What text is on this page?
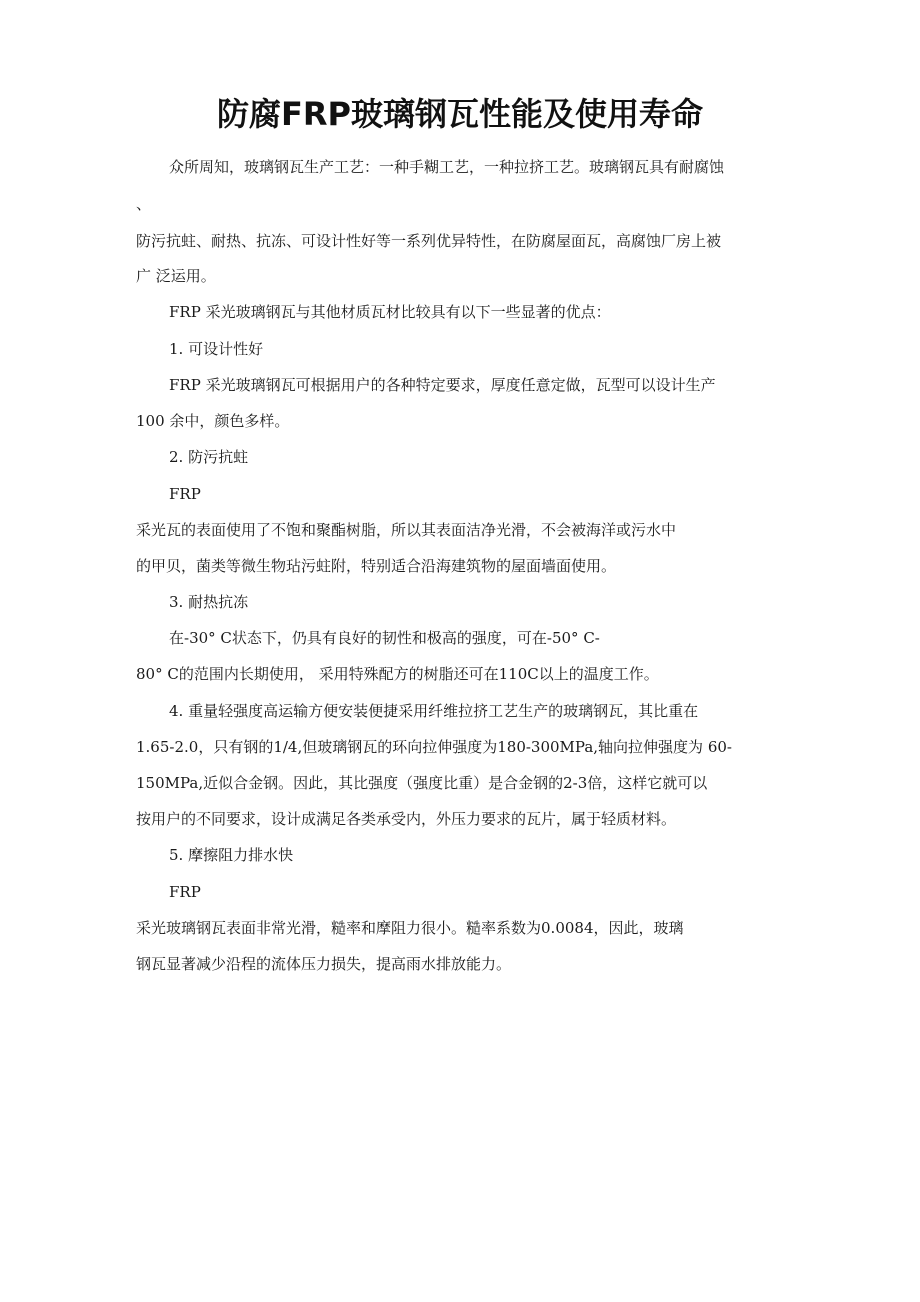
防腐FRP玻璃钢瓦性能及使用寿命

众所周知，玻璃钢瓦生产工艺：一种手糊工艺，一种拉挤工艺。玻璃钢瓦具有耐腐蚀

、

防污抗蛀、耐热、抗冻、可设计性好等一系列优异特性，在防腐屋面瓦，高腐蚀厂房上被

广 泛运用。

FRP 采光玻璃钢瓦与其他材质瓦材比较具有以下一些显著的优点：

1. 可设计性好

FRP 采光玻璃钢瓦可根据用户的各种特定要求，厚度任意定做，瓦型可以设计生产

100 余中，颜色多样。

2. 防污抗蛀

FRP

采光瓦的表面使用了不饱和聚酯树脂，所以其表面洁净光滑，不会被海洋或污水中

的甲贝，菌类等微生物玷污蛀附，特别适合沿海建筑物的屋面墙面使用。

3. 耐热抗冻

在-30° C状态下，仍具有良好的韧性和极高的强度，可在-50° C-

80° C的范围内长期使用， 采用特殊配方的树脂还可在110C以上的温度工作。

4. 重量轻强度高运输方便安装便捷采用纤维拉挤工艺生产的玻璃钢瓦，其比重在

1.65-2.0，只有钢的1/4,但玻璃钢瓦的环向拉伸强度为180-300MPa,轴向拉伸强度为 60-

150MPa,近似合金钢。因此，其比强度（强度比重）是合金钢的2-3倍，这样它就可以

按用户的不同要求，设计成满足各类承受内，外压力要求的瓦片，属于轻质材料。

5. 摩擦阻力排水快

FRP

采光玻璃钢瓦表面非常光滑，糙率和摩阻力很小。糙率系数为0.0084，因此，玻璃

钢瓦显著减少沿程的流体压力损失，提高雨水排放能力。
